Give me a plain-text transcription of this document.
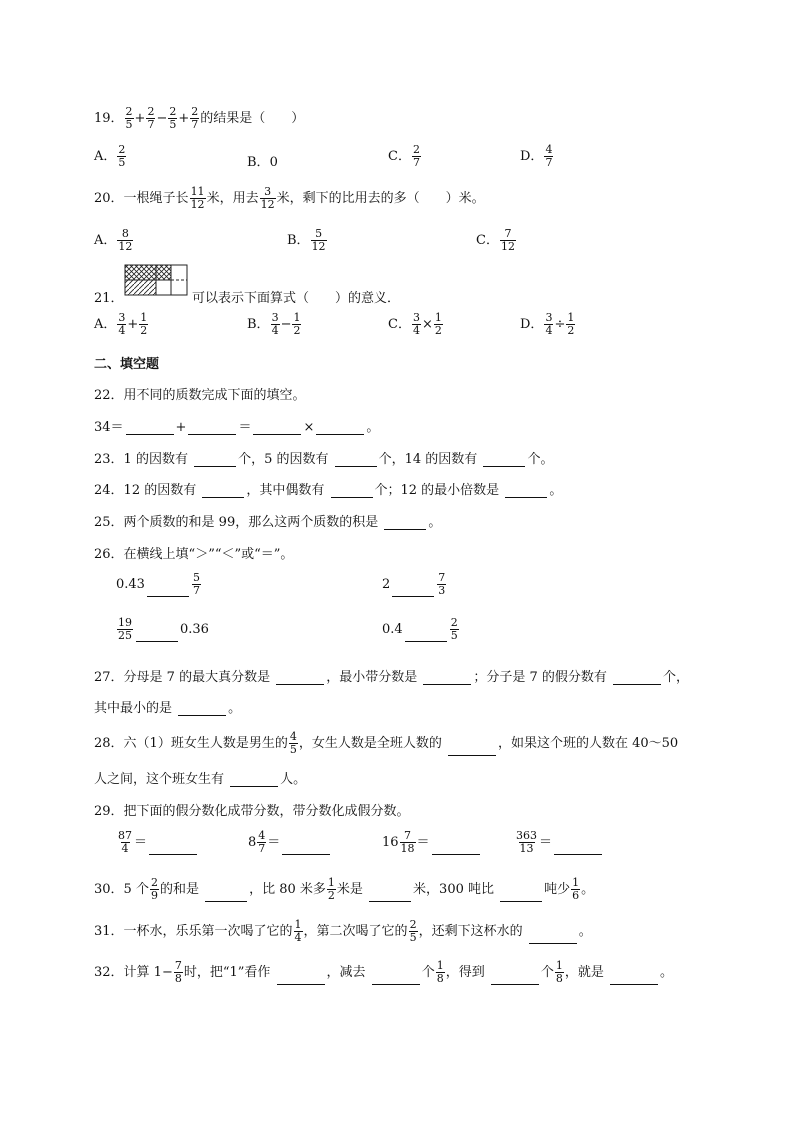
19． $\frac{2}{5} + \frac{2}{7} - \frac{2}{5} + \frac{2}{7}$ 的结果是（　　）
A． $\frac{2}{5}$	B．0	C． $\frac{2}{7}$	D． $\frac{4}{7}$
20．一根绳子长 $\frac{11}{12}$ 米，用去 $\frac{3}{12}$ 米，剩下的比用去的多（　　）米。
A． $\frac{8}{12}$	B． $\frac{5}{12}$	C． $\frac{7}{12}$
21．	可以表示下面算式（　　）的意义．
A． $\frac{3}{4} + \frac{1}{2}$	B． $\frac{3}{4} - \frac{1}{2}$	C． $\frac{3}{4} \times \frac{1}{2}$	D． $\frac{3}{4} \div \frac{1}{2}$
二、填空题
22．用不同的质数完成下面的填空。
34＝	+	＝	×	。
23．1 的因数有	个，5 的因数有	个，14 的因数有	个。
24．12 的因数有	，其中偶数有	个；12 的最小倍数是	。
25．两个质数的和是 99，那么这两个质数的积是	。
26．在横线上填“＞”“＜”或“＝”。
0.43	$\frac{5}{7}$	2	$\frac{7}{3}$
$\frac{19}{25}$	0.36	0.4	$\frac{2}{5}$
27．分母是 7 的最大真分数是	，最小带分数是	；分子是 7 的假分数有	个，
其中最小的是	。
28．六（1）班女生人数是男生的 $\frac{4}{5}$ ，女生人数是全班人数的	，如果这个班的人数在 40～50
人之间，这个班女生有	人。
29．把下面的假分数化成带分数，带分数化成假分数。
$\frac{87}{4}$ ＝	$8 \frac{4}{7}$ ＝	$16 \frac{7}{18}$ ＝	$\frac{363}{13}$ ＝
30．5 个 $\frac{2}{9}$ 的和是	，比 80 米多 $\frac{1}{2}$ 米是	米，300 吨比	吨少 $\frac{1}{6}$ 。
31．一杯水，乐乐第一次喝了它的 $\frac{1}{4}$ ，第二次喝了它的 $\frac{2}{5}$ ，还剩下这杯水的	。
32．计算 $1- \frac{7}{8}$ 时，把“1”看作	，减去	个 $\frac{1}{8}$ ，得到	个 $\frac{1}{8}$ ，就是	。
